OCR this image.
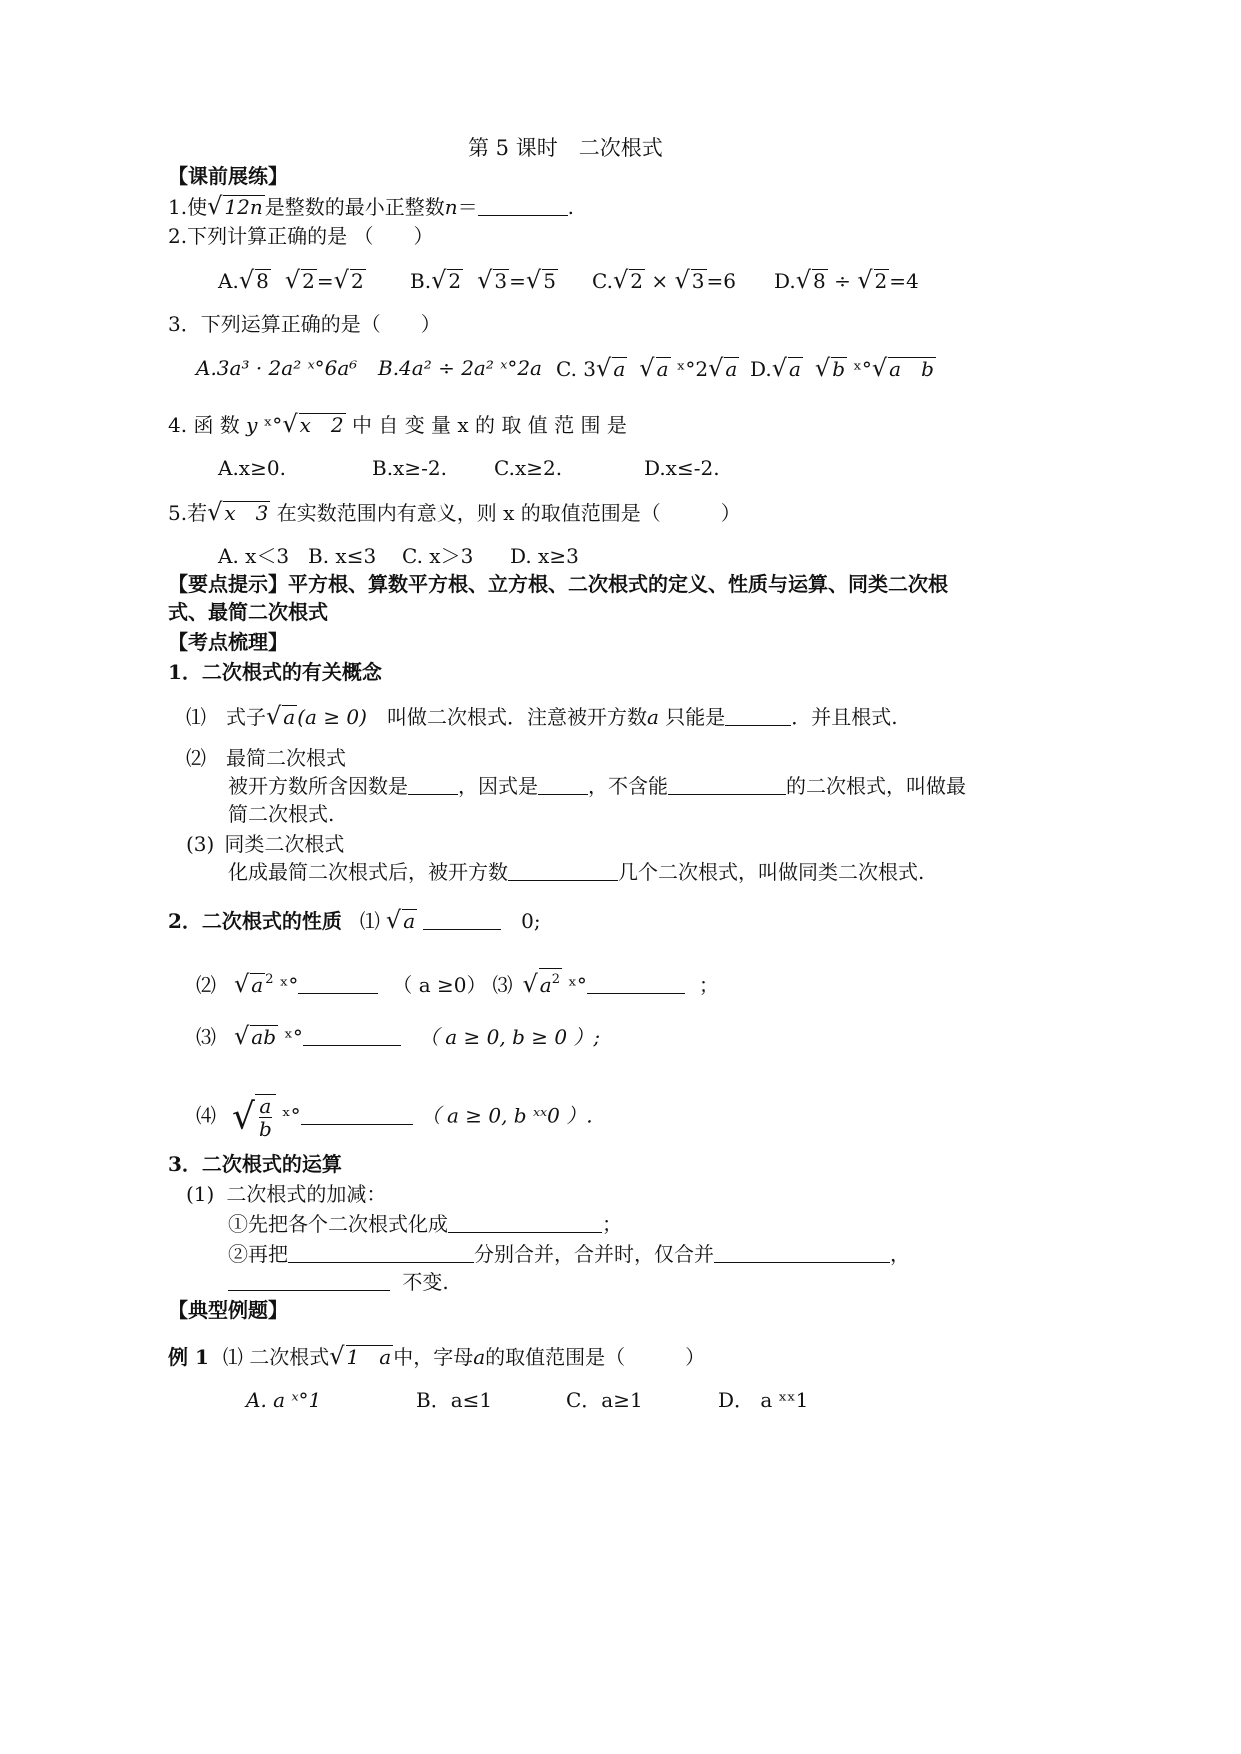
第 5 课时　二次根式
【课前展练】
1.使√ 12n 是整数的最小正整数n＝	.
2.下列计算正确的是 （　　）
A.√ 8 √ 2 =√ 2 B.√ 2 √ 3 =√ 5 C.√ 2 × √ 3 =6 D.√ 8 ÷ √ 2 =4
3．下列运算正确的是（　　）
A.3a³ · 2a² ˣ°6a⁶ B.4a² ÷ 2a² ˣ°2a C. 3√ a √ a ˣ°2√ a D.√ a √ b ˣ°√ a　b
4. 函 数 y ˣ°√ x　2 中 自 变 量 x 的 取 值 范 围 是
A.x≥0.	B.x≥-2. C.x≥2.	D.x≤-2.
5.若√ x　3 在实数范围内有意义，则 x 的取值范围是（　　　）
A. x＜3 B. x≤3 C. x＞3 D. x≥3
【要点提示】平方根、算数平方根、立方根、二次根式的定义、性质与运算、同类二次根
式、最简二次根式
【考点梳理】
1．二次根式的有关概念
⑴ 式子√ a (a ≥ 0)　叫做二次根式．注意被开方数a 只能是	．并且根式.
⑵ 最简二次根式
被开方数所含因数是	，因式是	，不含能	的二次根式，叫做最
简二次根式.
(3) 同类二次根式
化成最简二次根式后，被开方数	几个二次根式，叫做同类二次根式.
2．二次根式的性质 ⑴ √ a	　0;
⑵ √ a $^2$ ˣ°	（ a ≥0） ⑶ √ $a^2$ ˣ°	；
⑶ √ ab ˣ°	（ a ≥ 0, b ≥ 0 ）;
⑷ √ $\frac{a}{b}$ ˣ°	（ a ≥ 0, b ˣˣ0 ）.
3．二次根式的运算
(1) 二次根式的加减：
①先把各个二次根式化成	；
②再把	分别合并，合并时，仅合并	，
不变.
【典型例题】
例 1 ⑴ 二次根式√ 1　a 中，字母a的取值范围是（　　　）
A. a ˣ°1	B．a≤1	C．a≥1	D． a ˣˣ1
